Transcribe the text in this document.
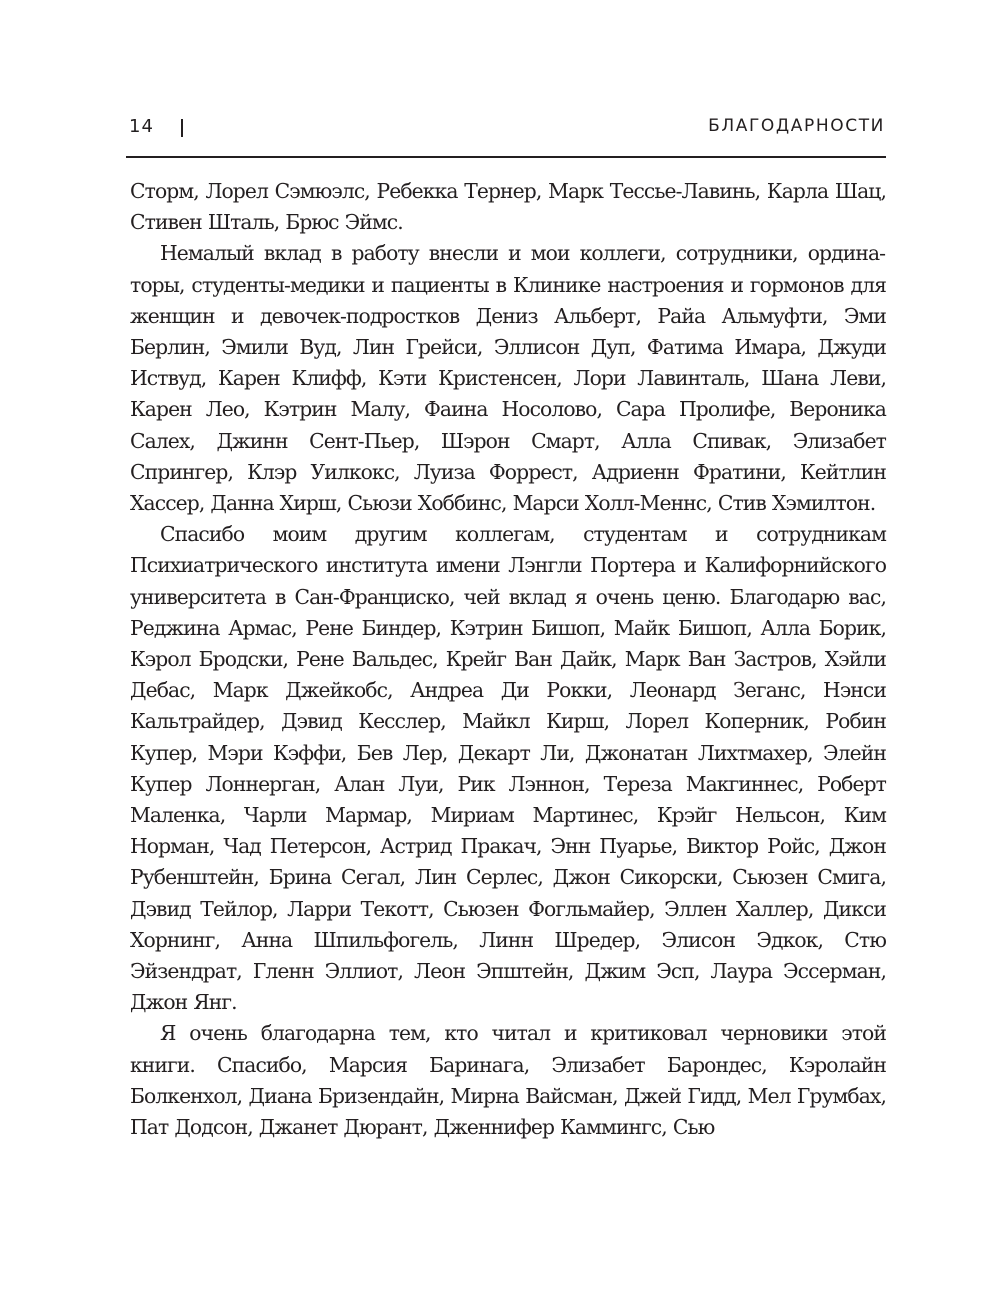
14	БЛАГОДАРНОСТИ

Сторм, Лорел Сэмюэлс, Ребекка Тернер, Марк Тессье-Лавинь, Карла Шац, Стивен Шталь, Брюс Эймс.

Немалый вклад в работу внесли и мои коллеги, сотрудники, ординаторы, студенты-медики и пациенты в Клинике настроения и гормонов для женщин и девочек-подростков Дениз Альберт, Райа Альмуфти, Эми Берлин, Эмили Вуд, Лин Грейси, Эллисон Дуп, Фатима Имара, Джуди Иствуд, Карен Клифф, Кэти Кристенсен, Лори Лавинталь, Шана Леви, Карен Лео, Кэтрин Малу, Фаина Носолово, Сара Пролифе, Вероника Салех, Джинн Сент-Пьер, Шэрон Смарт, Алла Спивак, Элизабет Спрингер, Клэр Уилкокс, Луиза Форрест, Адриенн Фратини, Кейтлин Хассер, Данна Хирш, Сьюзи Хоббинс, Марси Холл-Меннс, Стив Хэмилтон.

Спасибо моим другим коллегам, студентам и сотрудникам Психиатрического института имени Лэнгли Портера и Калифорнийского университета в Сан-Франциско, чей вклад я очень ценю. Благодарю вас, Реджина Армас, Рене Биндер, Кэтрин Бишоп, Майк Бишоп, Алла Борик, Кэрол Бродски, Рене Вальдес, Крейг Ван Дайк, Марк Ван Застров, Хэйли Дебас, Марк Джейкобс, Андреа Ди Рокки, Леонард Зеганс, Нэнси Кальтрайдер, Дэвид Кесслер, Майкл Кирш, Лорел Коперник, Робин Купер, Мэри Кэффи, Бев Лер, Декарт Ли, Джонатан Лихтмахер, Элейн Купер Лоннерган, Алан Луи, Рик Лэннон, Тереза Макгиннес, Роберт Маленка, Чарли Мармар, Мириам Мартинес, Крэйг Нельсон, Ким Норман, Чад Петерсон, Астрид Пракач, Энн Пуарье, Виктор Ройс, Джон Рубенштейн, Брина Сегал, Лин Серлес, Джон Сикорски, Сьюзен Смига, Дэвид Тейлор, Ларри Текотт, Сьюзен Фогльмайер, Эллен Халлер, Дикси Хорнинг, Анна Шпильфогель, Линн Шредер, Элисон Эдкок, Стю Эйзендрат, Гленн Эллиот, Леон Эпштейн, Джим Эсп, Лаура Эссерман, Джон Янг.

Я очень благодарна тем, кто читал и критиковал черновики этой книги. Спасибо, Марсия Баринага, Элизабет Барондес, Кэролайн Болкенхол, Диана Бризендайн, Мирна Вайсман, Джей Гидд, Мел Грумбах, Пат Додсон, Джанет Дюрант, Дженнифер Каммингс, Сью
